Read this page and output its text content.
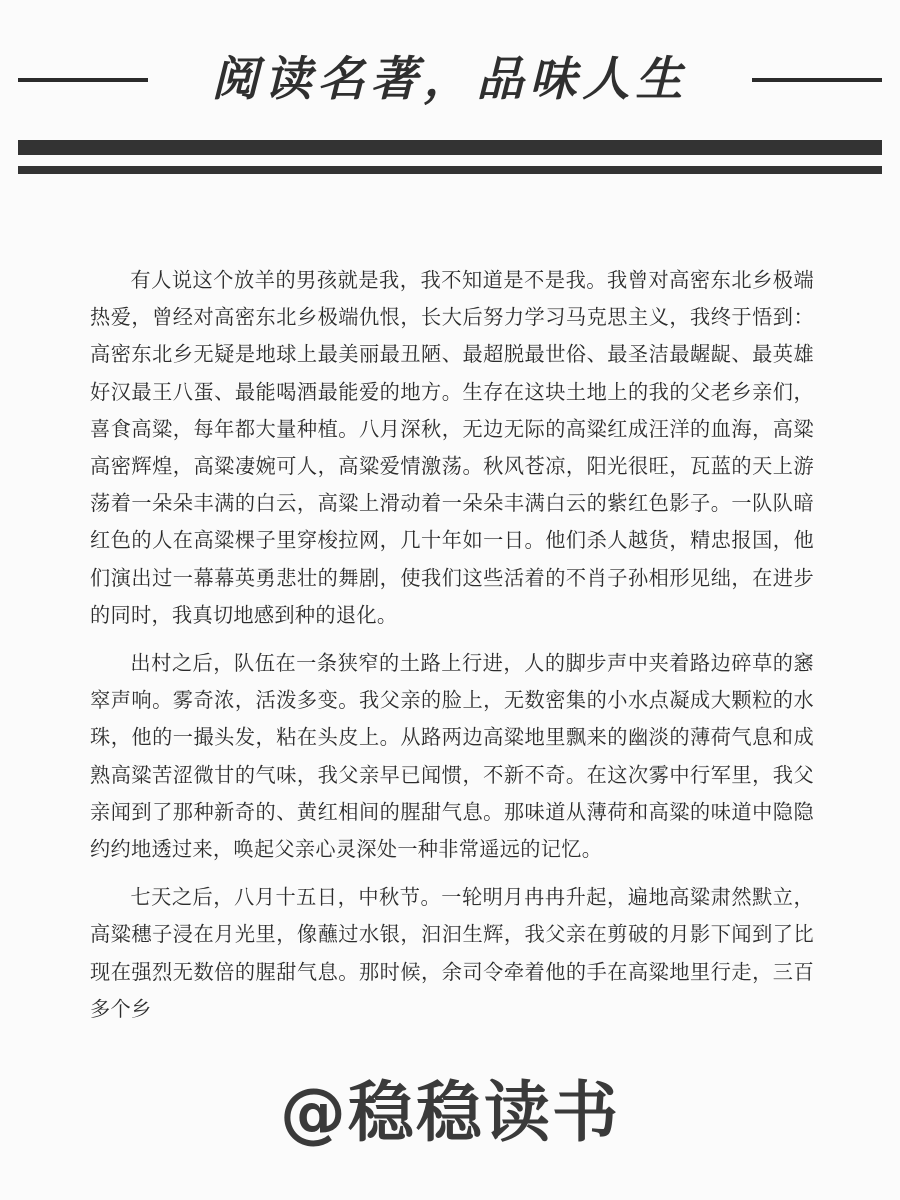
阅读名著，品味人生

有人说这个放羊的男孩就是我，我不知道是不是我。我曾对高密东北乡极端热爱，曾经对高密东北乡极端仇恨，长大后努力学习马克思主义，我终于悟到：高密东北乡无疑是地球上最美丽最丑陋、最超脱最世俗、最圣洁最龌龊、最英雄好汉最王八蛋、最能喝酒最能爱的地方。生存在这块土地上的我的父老乡亲们，喜食高粱，每年都大量种植。八月深秋，无边无际的高粱红成汪洋的血海，高粱高密辉煌，高粱凄婉可人，高粱爱情激荡。秋风苍凉，阳光很旺，瓦蓝的天上游荡着一朵朵丰满的白云，高粱上滑动着一朵朵丰满白云的紫红色影子。一队队暗红色的人在高粱棵子里穿梭拉网，几十年如一日。他们杀人越货，精忠报国，他们演出过一幕幕英勇悲壮的舞剧，使我们这些活着的不肖子孙相形见绌，在进步的同时，我真切地感到种的退化。

出村之后，队伍在一条狭窄的土路上行进，人的脚步声中夹着路边碎草的窸窣声响。雾奇浓，活泼多变。我父亲的脸上，无数密集的小水点凝成大颗粒的水珠，他的一撮头发，粘在头皮上。从路两边高粱地里飘来的幽淡的薄荷气息和成熟高粱苦涩微甘的气味，我父亲早已闻惯，不新不奇。在这次雾中行军里，我父亲闻到了那种新奇的、黄红相间的腥甜气息。那味道从薄荷和高粱的味道中隐隐约约地透过来，唤起父亲心灵深处一种非常遥远的记忆。

七天之后，八月十五日，中秋节。一轮明月冉冉升起，遍地高粱肃然默立，高粱穗子浸在月光里，像蘸过水银，汩汩生辉，我父亲在剪破的月影下闻到了比现在强烈无数倍的腥甜气息。那时候，余司令牵着他的手在高粱地里行走，三百多个乡

@稳稳读书
